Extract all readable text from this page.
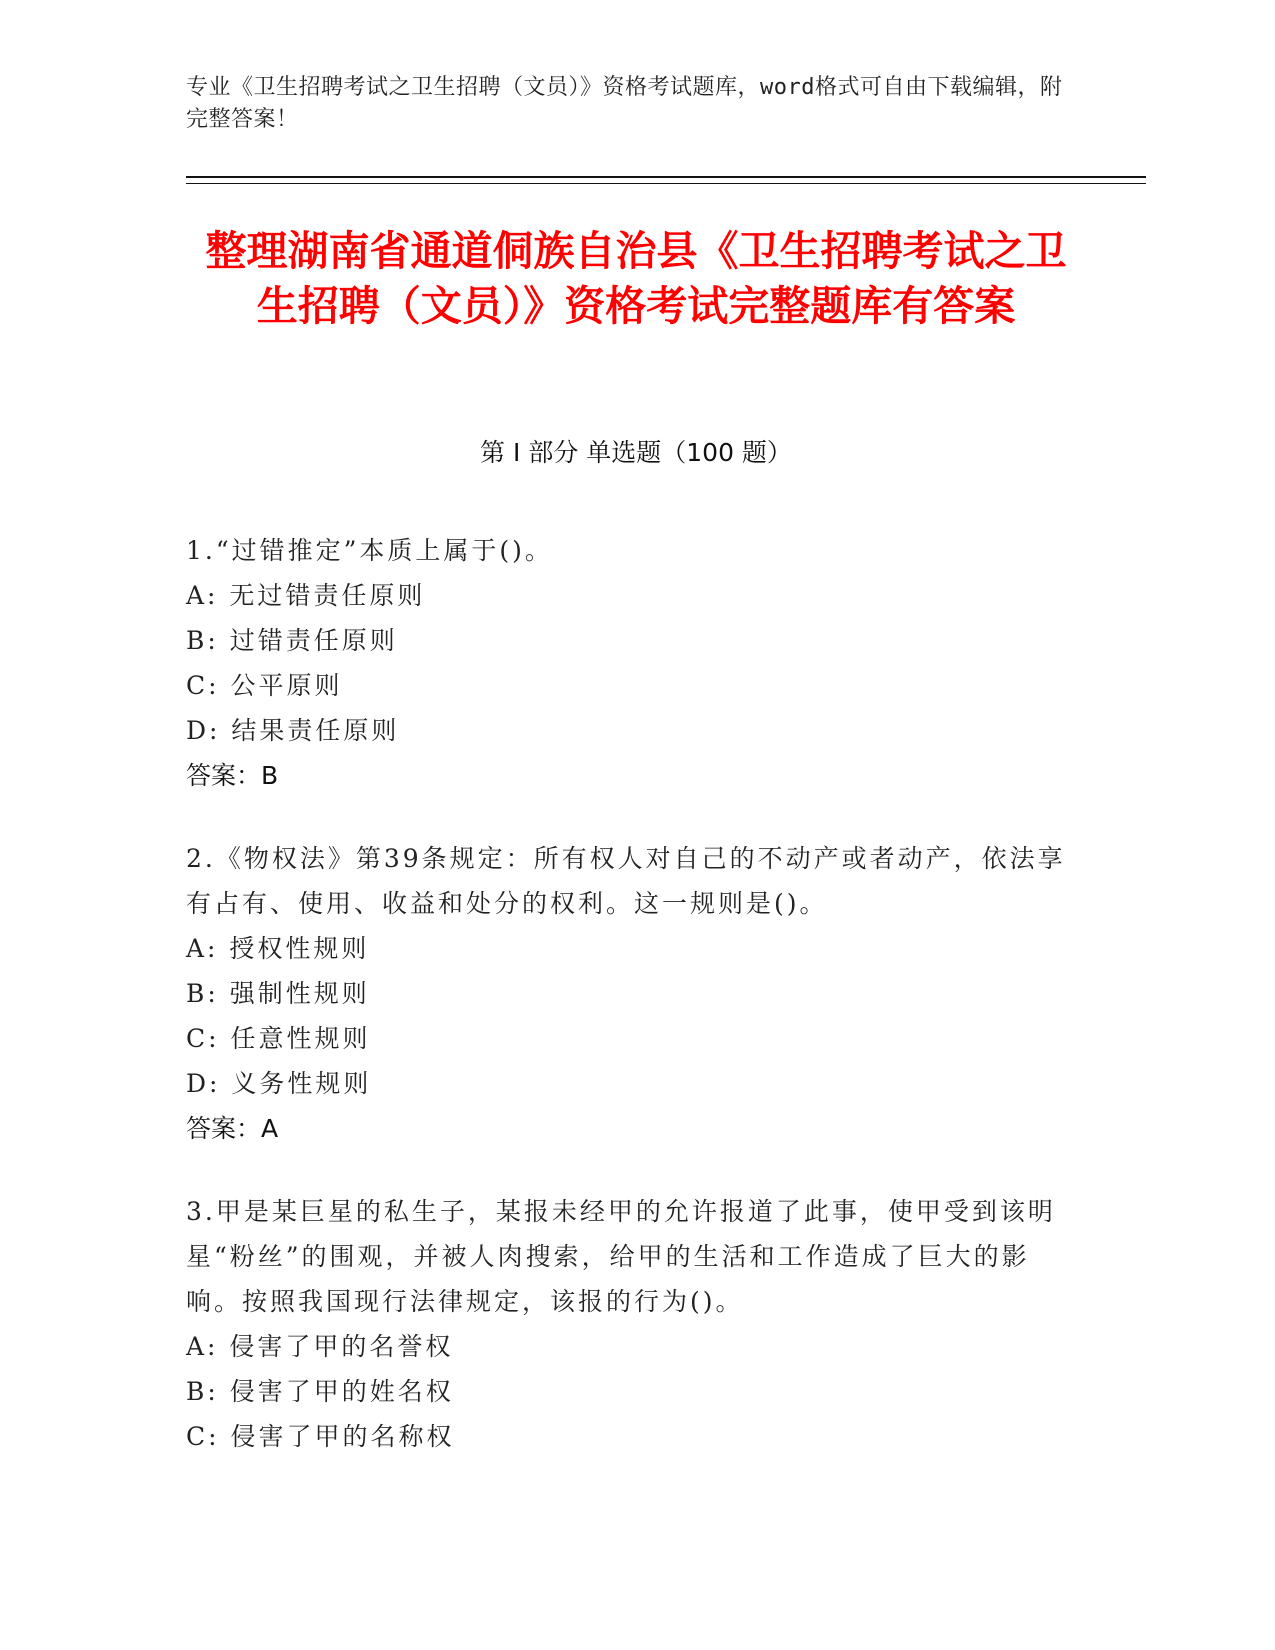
专业《卫生招聘考试之卫生招聘（文员）》资格考试题库，word格式可自由下载编辑，附完整答案！
整理湖南省通道侗族自治县《卫生招聘考试之卫生招聘（文员）》资格考试完整题库有答案
第 I 部分 单选题（100 题）

1.“过错推定”本质上属于()。

A: 无过错责任原则

B: 过错责任原则

C: 公平原则

D: 结果责任原则

答案：B

2.《物权法》第39条规定：所有权人对自己的不动产或者动产，依法享有占有、使用、收益和处分的权利。这一规则是()。

A: 授权性规则

B: 强制性规则

C: 任意性规则

D: 义务性规则

答案：A

3.甲是某巨星的私生子，某报未经甲的允许报道了此事，使甲受到该明星“粉丝”的围观，并被人肉搜索，给甲的生活和工作造成了巨大的影响。按照我国现行法律规定，该报的行为()。

A: 侵害了甲的名誉权

B: 侵害了甲的姓名权

C: 侵害了甲的名称权
